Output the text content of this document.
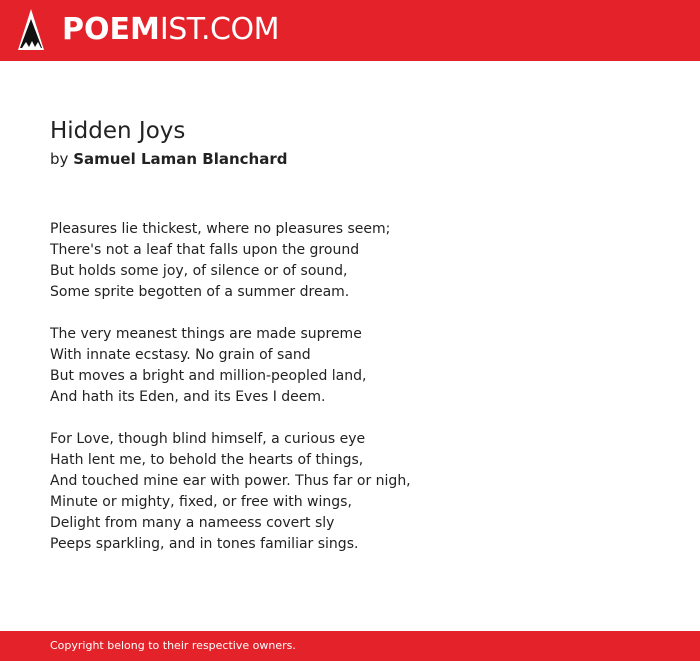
POEMIST.COM
Hidden Joys
by Samuel Laman Blanchard
Pleasures lie thickest, where no pleasures seem;
There's not a leaf that falls upon the ground
But holds some joy, of silence or of sound,
Some sprite begotten of a summer dream.
The very meanest things are made supreme
With innate ecstasy. No grain of sand
But moves a bright and million-peopled land,
And hath its Eden, and its Eves I deem.
For Love, though blind himself, a curious eye
Hath lent me, to behold the hearts of things,
And touched mine ear with power. Thus far or nigh,
Minute or mighty, fixed, or free with wings,
Delight from many a nameess covert sly
Peeps sparkling, and in tones familiar sings.
Copyright belong to their respective owners.
